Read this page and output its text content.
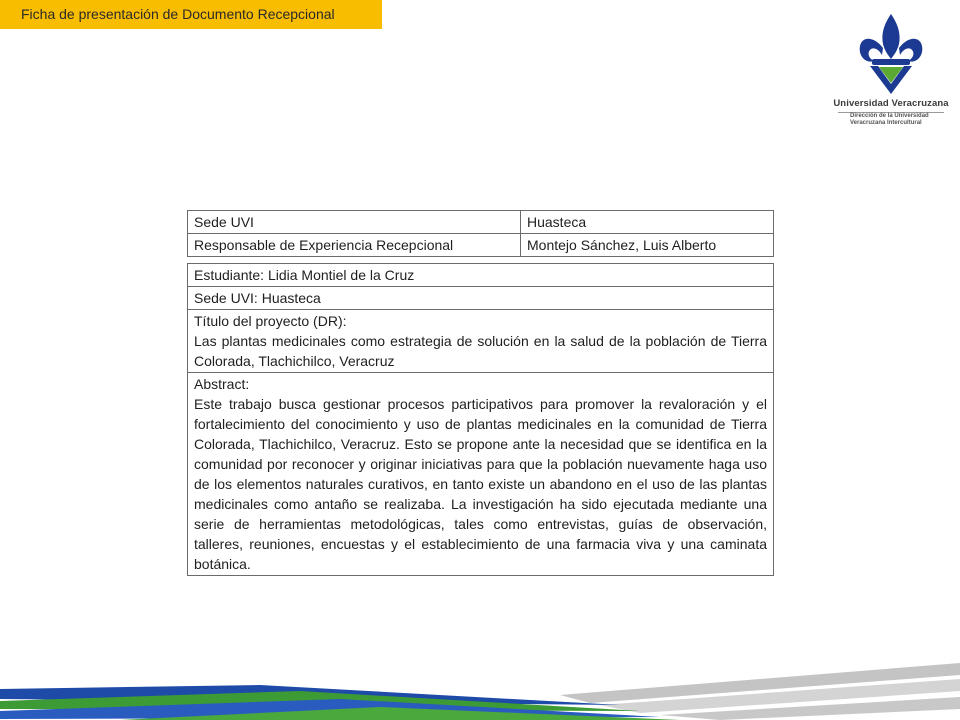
Ficha de presentación de Documento Recepcional
Universidad Veracruzana
Dirección de la Universidad
Veracruzana Intercultural
Sede UVI	Huasteca
Responsable de Experiencia Recepcional	Montejo Sánchez, Luis Alberto
Estudiante: Lidia Montiel de la Cruz
Sede UVI: Huasteca

Título del proyecto (DR):
Las plantas medicinales como estrategia de solución en la salud de la población de Tierra Colorada, Tlachichilco, Veracruz

Abstract:
Este trabajo busca gestionar procesos participativos para promover la revaloración y el fortalecimiento del conocimiento y uso de plantas medicinales en la comunidad de Tierra Colorada, Tlachichilco, Veracruz. Esto se propone ante la necesidad que se identifica en la comunidad por reconocer y originar iniciativas para que la población nuevamente haga uso de los elementos naturales curativos, en tanto existe un abandono en el uso de las plantas medicinales como antaño se realizaba. La investigación ha sido ejecutada mediante una serie de herramientas metodológicas, tales como entrevistas, guías de observación, talleres, reuniones, encuestas y el establecimiento de una farmacia viva y una caminata botánica.
